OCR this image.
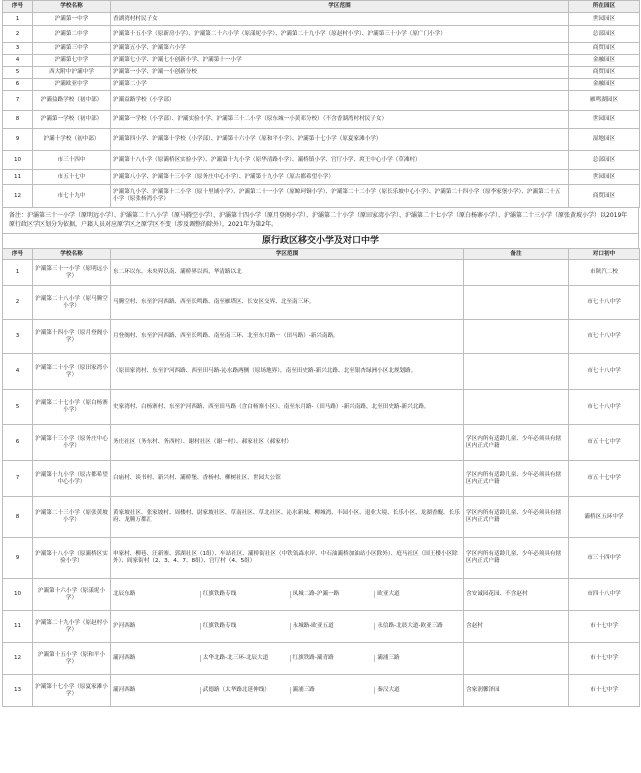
序号	学校名称	学区范围	所在园区
1	沪灞第一中学	香湖湾村村民子女	世园园区
2	沪灞第二中学	沪灞第十五小学（原新房小学）、沪灞第二十六小学（原漾坭小学）、沪灞第二十九小学（原赵村小学）、沪灞第三十小学（原广门小学）	总部园区
3	沪灞第三中学	沪灞第五小学、沪灞第六小学	商贸园区
4	沪灞第七中学	沪灞第七小学、沪灞七小创新小学、沪灞第十一小学	金融园区
5	西大附中沪灞中学	沪灞第一小学、沪灞一小创新分校	商贸园区
6	沪灞欧亚中学	沪灞第二小学	金融园区
7	沪灞益路学校（初中部）	沪灞益路学校（小学部）	雁鸣湖园区
8	沪灞第一学校（初中部）	沪灞第一学校（小学部）、沪灞实验小学、沪灞第三十二小学（原东城一小黄邓分校）（不含香湖湾村村民子女）	世园园区
9	沪灞十学校（初中部）	沪灞第四小学、沪灞第十学校（小学部）、沪灞第十六小学（原和平小学）、沪灞第十七小学（原夏家滩小学）	湿地园区
10	市三十四中	沪灞第十八小学（原灞桥区实验小学）、沪灞第十九小学（原华清路小学）、灞桥镇小学、官厅小学、庹王中心小学（草滩村）	总部园区
11	市五十七中	沪灞第八小学、沪灞第十三小学（原务庄中心小学）、沪灞第十九小学（原古都希望小学）	世园园区
12	市七十九中	沪灞第九小学、沪灞第十二小学（原十里铺小学）、沪灞第二十一小学（原鲸珂铜小学）、沪灞第二十二小学（原长乐坡中心小学）、沪灞第二十四小学（原李家堡小学）、沪灞第二十五小学（原张杨湾小学）	商贸园区
备注：沪灞第三十一小学（原明远小学）、沪灞第二十八小学（原马腾空小学）、沪灞第十四小学（原月登阁小学）、沪灞第二十小学（原田家湾小学）、沪灞第二十七小学（原白杨寨小学）、沪灞第二十三小学（原张黄坡小学）以2019年原行政区学区划分为依据，户籍人员对应原学区之原学区不变（涉及调整的除外），2021年为第2年。
原行政区移交小学及对口中学
序号	学校名称	学区范围	备注	对口初中
1	沪灞第三十一小学（原明远小学）	东二环以东、未央界以南、灞桥界以西、华清路以北		市陕汽二校
2	沪灞第二十八小学（原马腾空小学）	马腾空村、东至沪河西路、西至长鸣路、南至雁塔区、长安区交界、北至南三环。		市七十八中学
3	沪灞第十四小学（原月登阁小学）	月登阁村、东至沪河西路、西至长鸣路、南至南三环、北至东月路－（田马路）-新兴南路。		市七十八中学
4	沪灞第二十小学（原田家湾小学）	（原田家湾村、东至沪河西路、西至田马路-沁水路两侧（原场地界），南至田史路-新兴北路、北至银杏绿洲小区北规划路。		市七十八中学
5	沪灞第二十七小学（原白杨寨小学）	史家湾村、白杨寨村、东至沪河西路、西至田马路（含白杨寨小区）、南至东月路-（田马路）-新兴南路，北至田史路-新兴北路。		市七十八中学
6	沪灞第十三小学（原务庄中心小学）	务庄社区（务东村、务西村）、谢村社区（谢一村）、郝家社区（郝家村）	学区内所有适龄儿童、少年必须具有辖区内正式户籍	市五十七中学
7	沪灞第十九小学（原古都希望中心小学）	白庙村、谈书村、新兴村、灞桥堡、香杨村、柳树社区、世园大公馆	学区内所有适龄儿童、少年必须具有辖区内正式户籍	市五十七中学
8	沪灞第二十三小学（原张黄坡小学）	黄家坡社区、张家坡村、周楼村、尉家坡社区、草南社区、草北社区、沁水新城、柳城湾、丰园小区、退业大境、长乐小区、龙湖香醍、长乐府、龙腾万都汇	学区内所有适龄儿童、少年必须具有辖区内正式户籍	灞桥区五环中学
9	沪灞第十八小学（原灞桥区实验小学）	申家村、柳巷、汪新寨、郭湖社区（1组）、车站社区、灞桥街社区（中铁瓴森水岸、中石油灞桥加油站小区除外）、庭马社区（国王楼小区除外）、阎家街村（2、3、4、7、8组）、官厅村（4、5组）	学区内所有适龄儿童、少年必须具有辖区内正式户籍	市三十四中学
10	沪灞第十六小学（原漾坭小学）	北辰东路 红旗铁路专线 凤城二路-沪灞一路 欧亚大道	含安诚园花园、不含赵村	市四十八中学
11	沪灞第二十九小学（原赵村小学）	沪河西路 红旗铁路专线 永城路-欧亚五道 永信路-北晨大道-欧亚三路	含赵村	市十七中学
12	沪灞第十五小学（原和平小学）	灞河西路 太华北路-北三环-北辰大道 红旗铁路-灞青路 灞浦三路		市十七中学
13	沪灞第十七小学（原夏家滩小学）	灞河西路 武德路（太华路北延伸线） 灞浦三路 秦汉大道	含家润馨泽园	市十七中学
